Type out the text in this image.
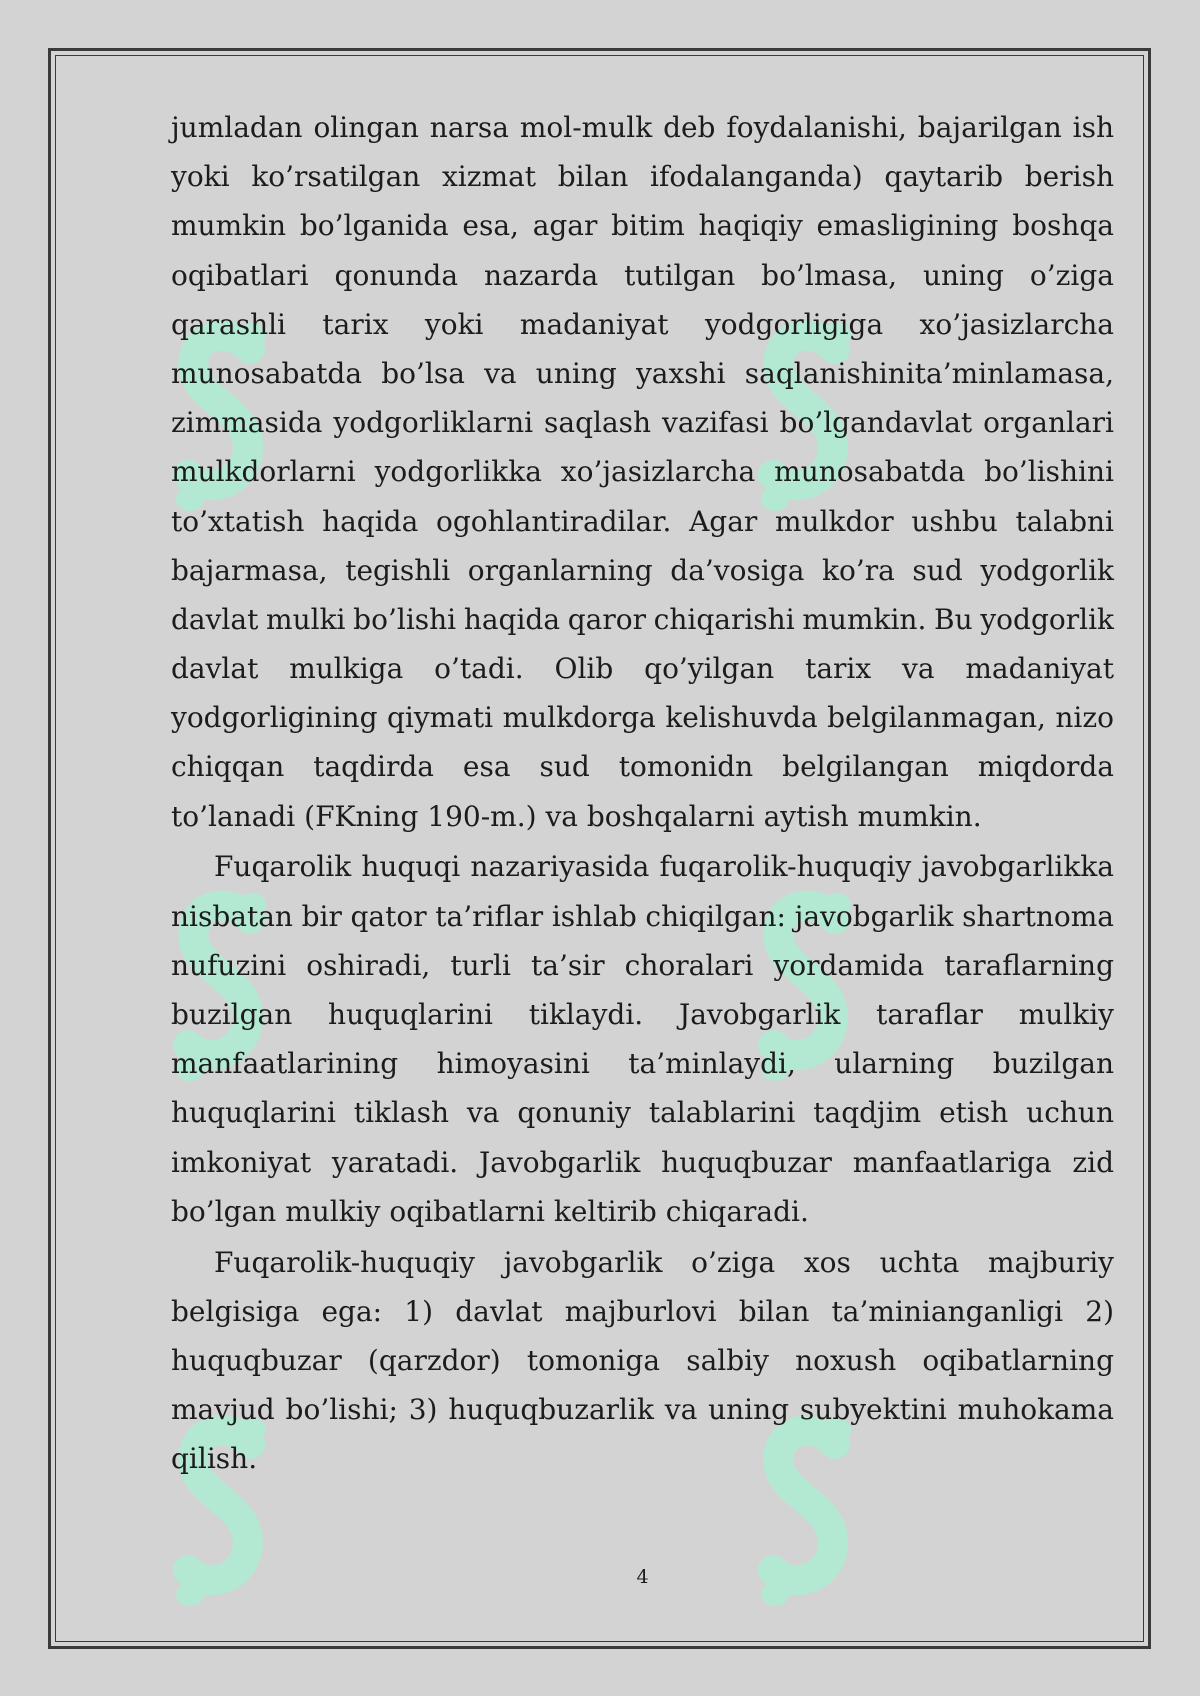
jumladan olingan narsa mol-mulk deb foydalanishi, bajarilgan ish
yoki ko’rsatilgan xizmat bilan ifodalanganda) qaytarib berish
mumkin bo’lganida esa, agar bitim haqiqiy emasligining boshqa
oqibatlari qonunda nazarda tutilgan bo’lmasa, uning o’ziga
qarashli tarix yoki madaniyat yodgorligiga xo’jasizlarcha
munosabatda bo’lsa va uning yaxshi saqlanishinita’minlamasa,
zimmasida yodgorliklarni saqlash vazifasi bo’lgandavlat organlari
mulkdorlarni yodgorlikka xo’jasizlarcha munosabatda bo’lishini
to’xtatish haqida ogohlantiradilar. Agar mulkdor ushbu talabni
bajarmasa, tegishli organlarning da’vosiga ko’ra sud yodgorlik
davlat mulki bo’lishi haqida qaror chiqarishi mumkin. Bu yodgorlik
davlat mulkiga o’tadi. Olib qo’yilgan tarix va madaniyat
yodgorligining qiymati mulkdorga kelishuvda belgilanmagan, nizo
chiqqan taqdirda esa sud tomonidn belgilangan miqdorda
to’lanadi (FKning 190-m.) va boshqalarni aytish mumkin.
Fuqarolik huquqi nazariyasida fuqarolik-huquqiy javobgarlikka
nisbatan bir qator ta’riflar ishlab chiqilgan: javobgarlik shartnoma
nufuzini oshiradi, turli ta’sir choralari yordamida taraflarning
buzilgan huquqlarini tiklaydi. Javobgarlik taraflar mulkiy
manfaatlarining himoyasini ta’minlaydi, ularning buzilgan
huquqlarini tiklash va qonuniy talablarini taqdjim etish uchun
imkoniyat yaratadi. Javobgarlik huquqbuzar manfaatlariga zid
bo’lgan mulkiy oqibatlarni keltirib chiqaradi.
Fuqarolik-huquqiy javobgarlik o’ziga xos uchta majburiy
belgisiga ega: 1) davlat majburlovi bilan ta’minianganligi 2)
huquqbuzar (qarzdor) tomoniga salbiy noxush oqibatlarning
mavjud bo’lishi; 3) huquqbuzarlik va uning subyektini muhokama
qilish.
4
